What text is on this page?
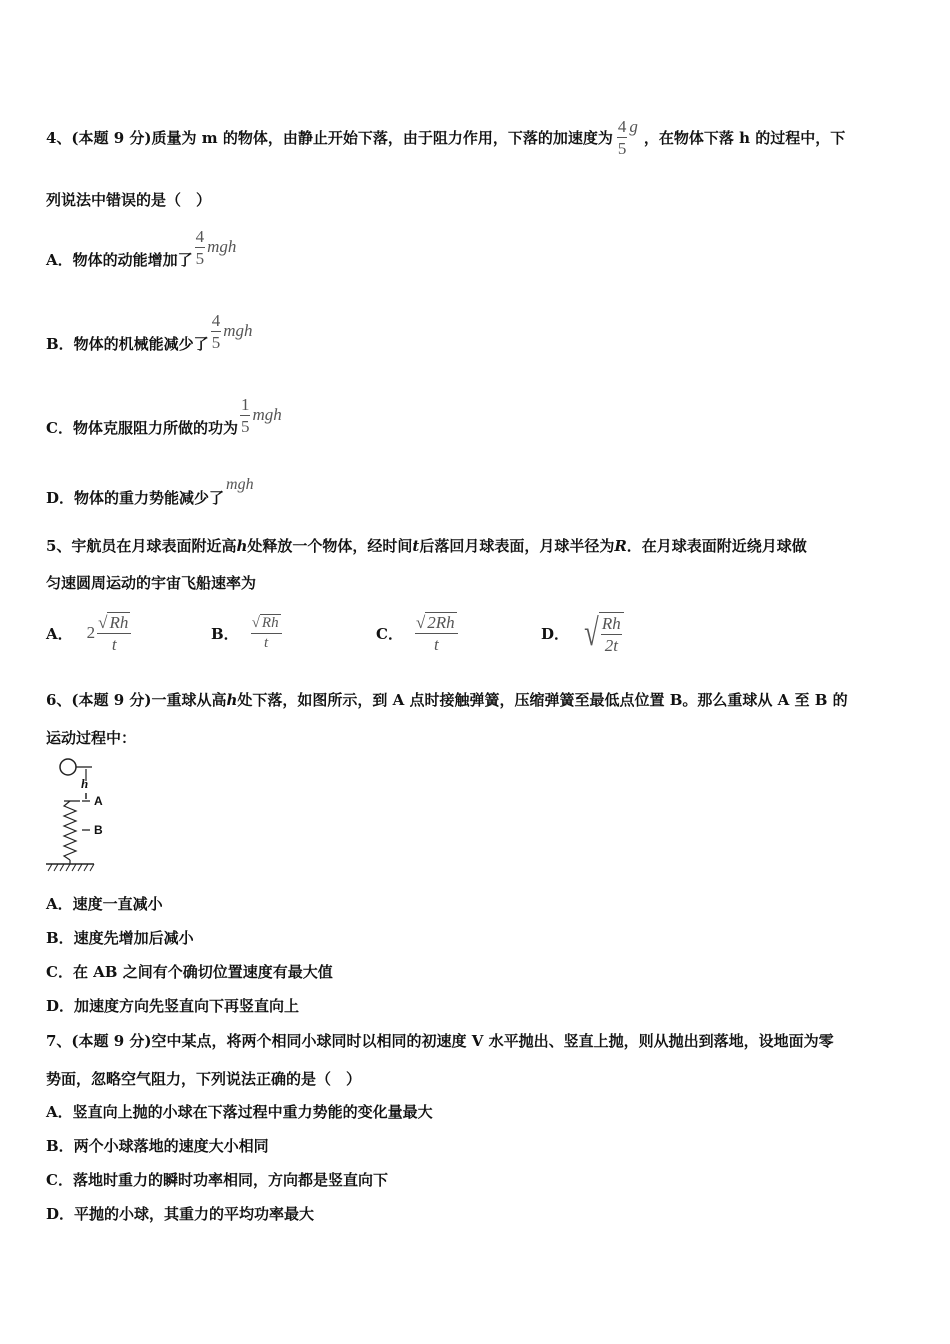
4、(本题 9 分)质量为 m 的物体，由静止开始下落，由于阻力作用，下落的加速度为 $\frac{4}{5}$ g
，在物体下落 h 的过程中，下
列说法中错误的是（　）
A．物体的动能增加了 $\frac{4}{5}$ mgh
B．物体的机械能减少了 $\frac{4}{5}$ mgh
C．物体克服阻力所做的功为 $\frac{1}{5}$ mgh
D．物体的重力势能减少了
mgh
5、宇航员在月球表面附近高h处释放一个物体，经时间t后落回月球表面，月球半径为R．在月球表面附近绕月球做
匀速圆周运动的宇宙飞船速率为
A． $2 \frac{√ Rh}{t}$	B． $\frac{√ Rh}{t}$	C． $\frac{√ 2Rh}{t}$	D． √ $\frac{Rh}{2t}$
6、(本题 9 分)一重球从高h处下落，如图所示，到 A 点时接触弹簧，压缩弹簧至最低点位置 B。那么重球从 A 至 B 的
运动过程中：
h
A
B
A．速度一直减小
B．速度先增加后减小
C．在 AB 之间有个确切位置速度有最大值
D．加速度方向先竖直向下再竖直向上
7、(本题 9 分)空中某点，将两个相同小球同时以相同的初速度 V 水平抛出、竖直上抛，则从抛出到落地，设地面为零
势面，忽略空气阻力，下列说法正确的是（　）
A．竖直向上抛的小球在下落过程中重力势能的变化量最大
B．两个小球落地的速度大小相同
C．落地时重力的瞬时功率相同，方向都是竖直向下
D．平抛的小球，其重力的平均功率最大
